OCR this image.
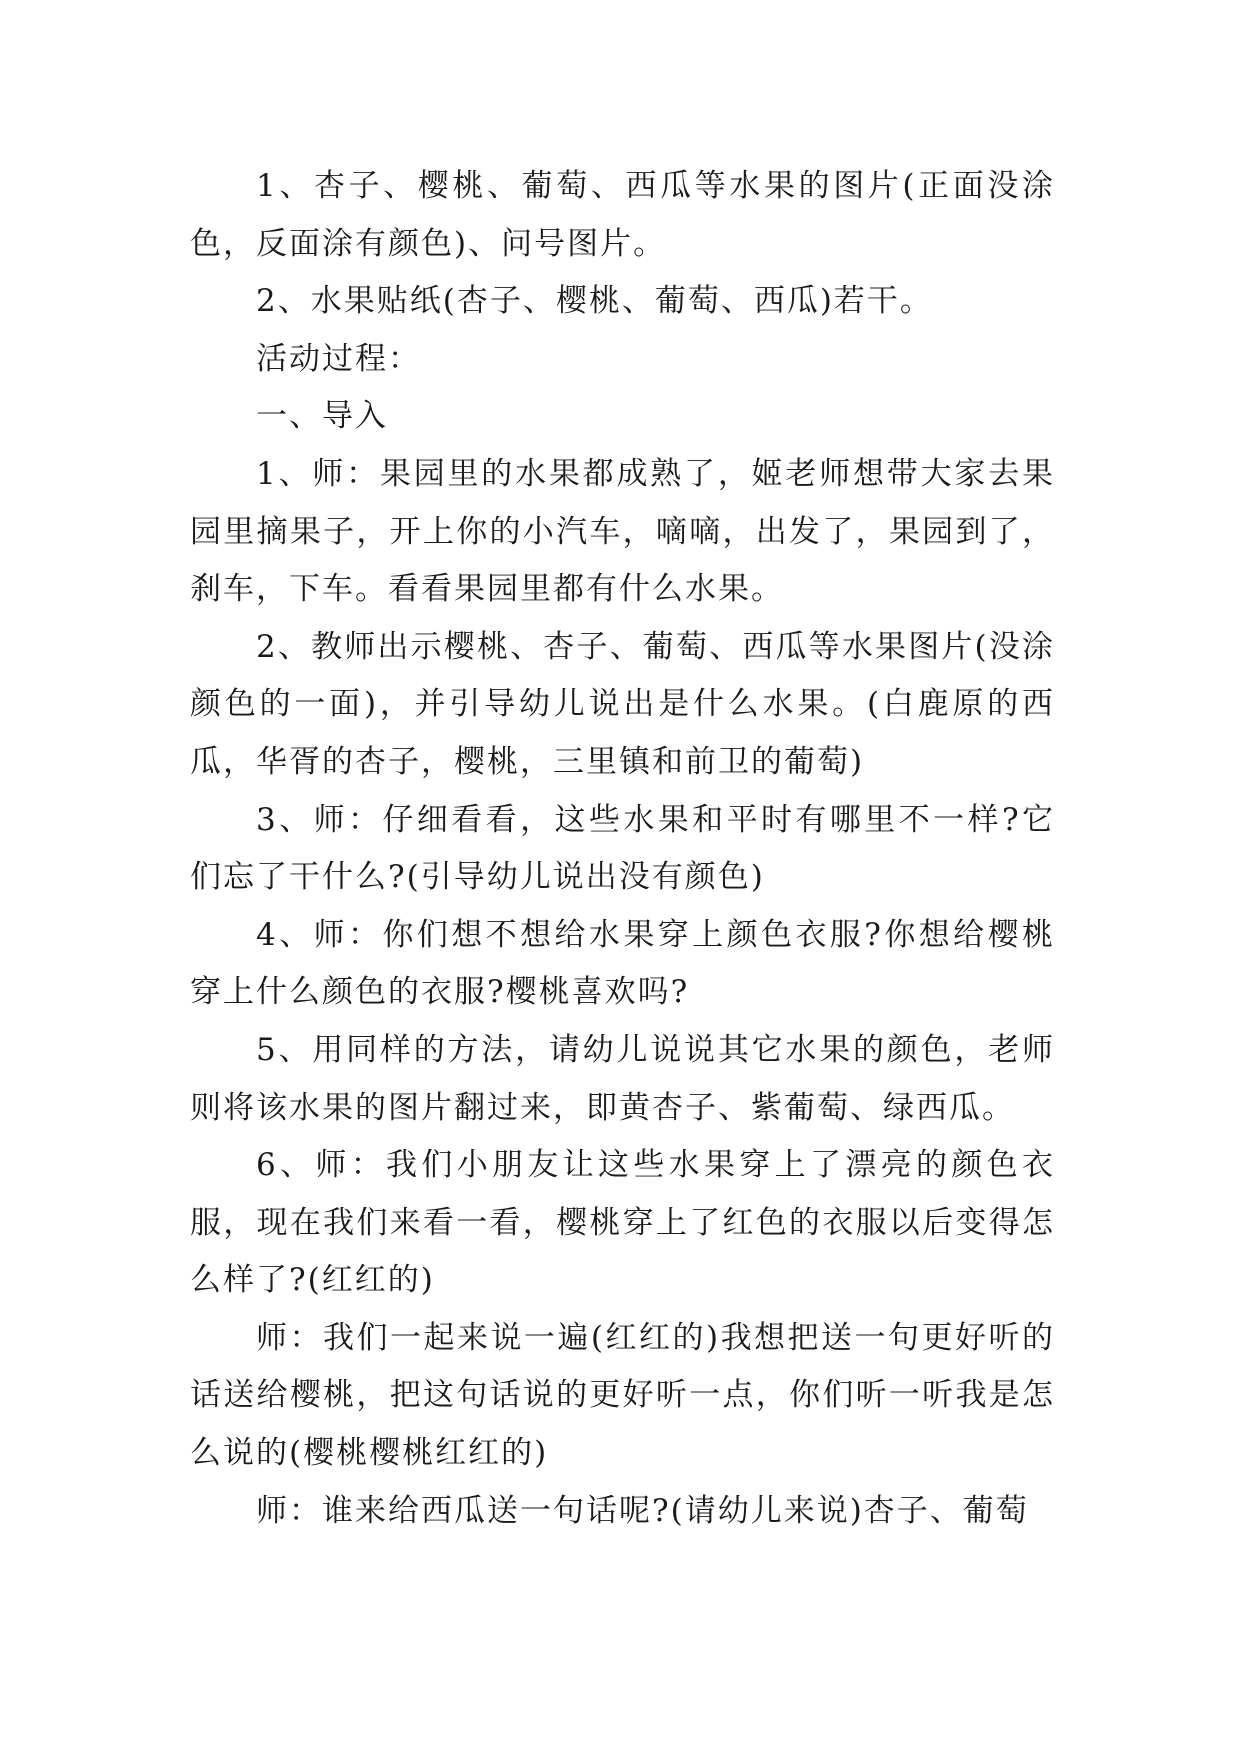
1、杏子、樱桃、葡萄、西瓜等水果的图片(正面没涂色，反面涂有颜色)、问号图片。

2、水果贴纸(杏子、樱桃、葡萄、西瓜)若干。

活动过程：

一、导入

1、师：果园里的水果都成熟了，姬老师想带大家去果园里摘果子，开上你的小汽车，嘀嘀，出发了，果园到了，刹车，下车。看看果园里都有什么水果。

2、教师出示樱桃、杏子、葡萄、西瓜等水果图片(没涂颜色的一面)，并引导幼儿说出是什么水果。(白鹿原的西瓜，华胥的杏子，樱桃，三里镇和前卫的葡萄)

3、师：仔细看看，这些水果和平时有哪里不一样?它们忘了干什么?(引导幼儿说出没有颜色)

4、师：你们想不想给水果穿上颜色衣服?你想给樱桃穿上什么颜色的衣服?樱桃喜欢吗?

5、用同样的方法，请幼儿说说其它水果的颜色，老师则将该水果的图片翻过来，即黄杏子、紫葡萄、绿西瓜。

6、师：我们小朋友让这些水果穿上了漂亮的颜色衣服，现在我们来看一看，樱桃穿上了红色的衣服以后变得怎么样了?(红红的)

师：我们一起来说一遍(红红的)我想把送一句更好听的话送给樱桃，把这句话说的更好听一点，你们听一听我是怎么说的(樱桃樱桃红红的)

师：谁来给西瓜送一句话呢?(请幼儿来说)杏子、葡萄
